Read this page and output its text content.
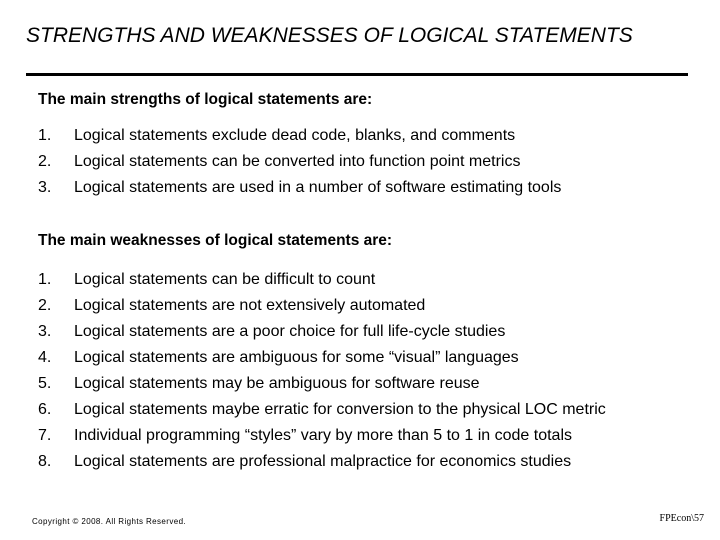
STRENGTHS AND WEAKNESSES OF LOGICAL STATEMENTS
The main strengths of logical statements are:
1. Logical statements exclude dead code, blanks, and comments
2. Logical statements can be converted into function point metrics
3. Logical statements are used in a number of software estimating tools
The main weaknesses of logical statements are:
1. Logical statements can be difficult to count
2. Logical statements are not extensively automated
3. Logical statements are a poor choice for full life-cycle studies
4. Logical statements are ambiguous for some “visual” languages
5. Logical statements may be ambiguous for software reuse
6. Logical statements maybe erratic for conversion to the physical LOC metric
7. Individual programming “styles” vary by more than 5 to 1 in code totals
8. Logical statements are professional malpractice for economics studies
Copyright © 2008. All Rights Reserved.	FPEcon\57
